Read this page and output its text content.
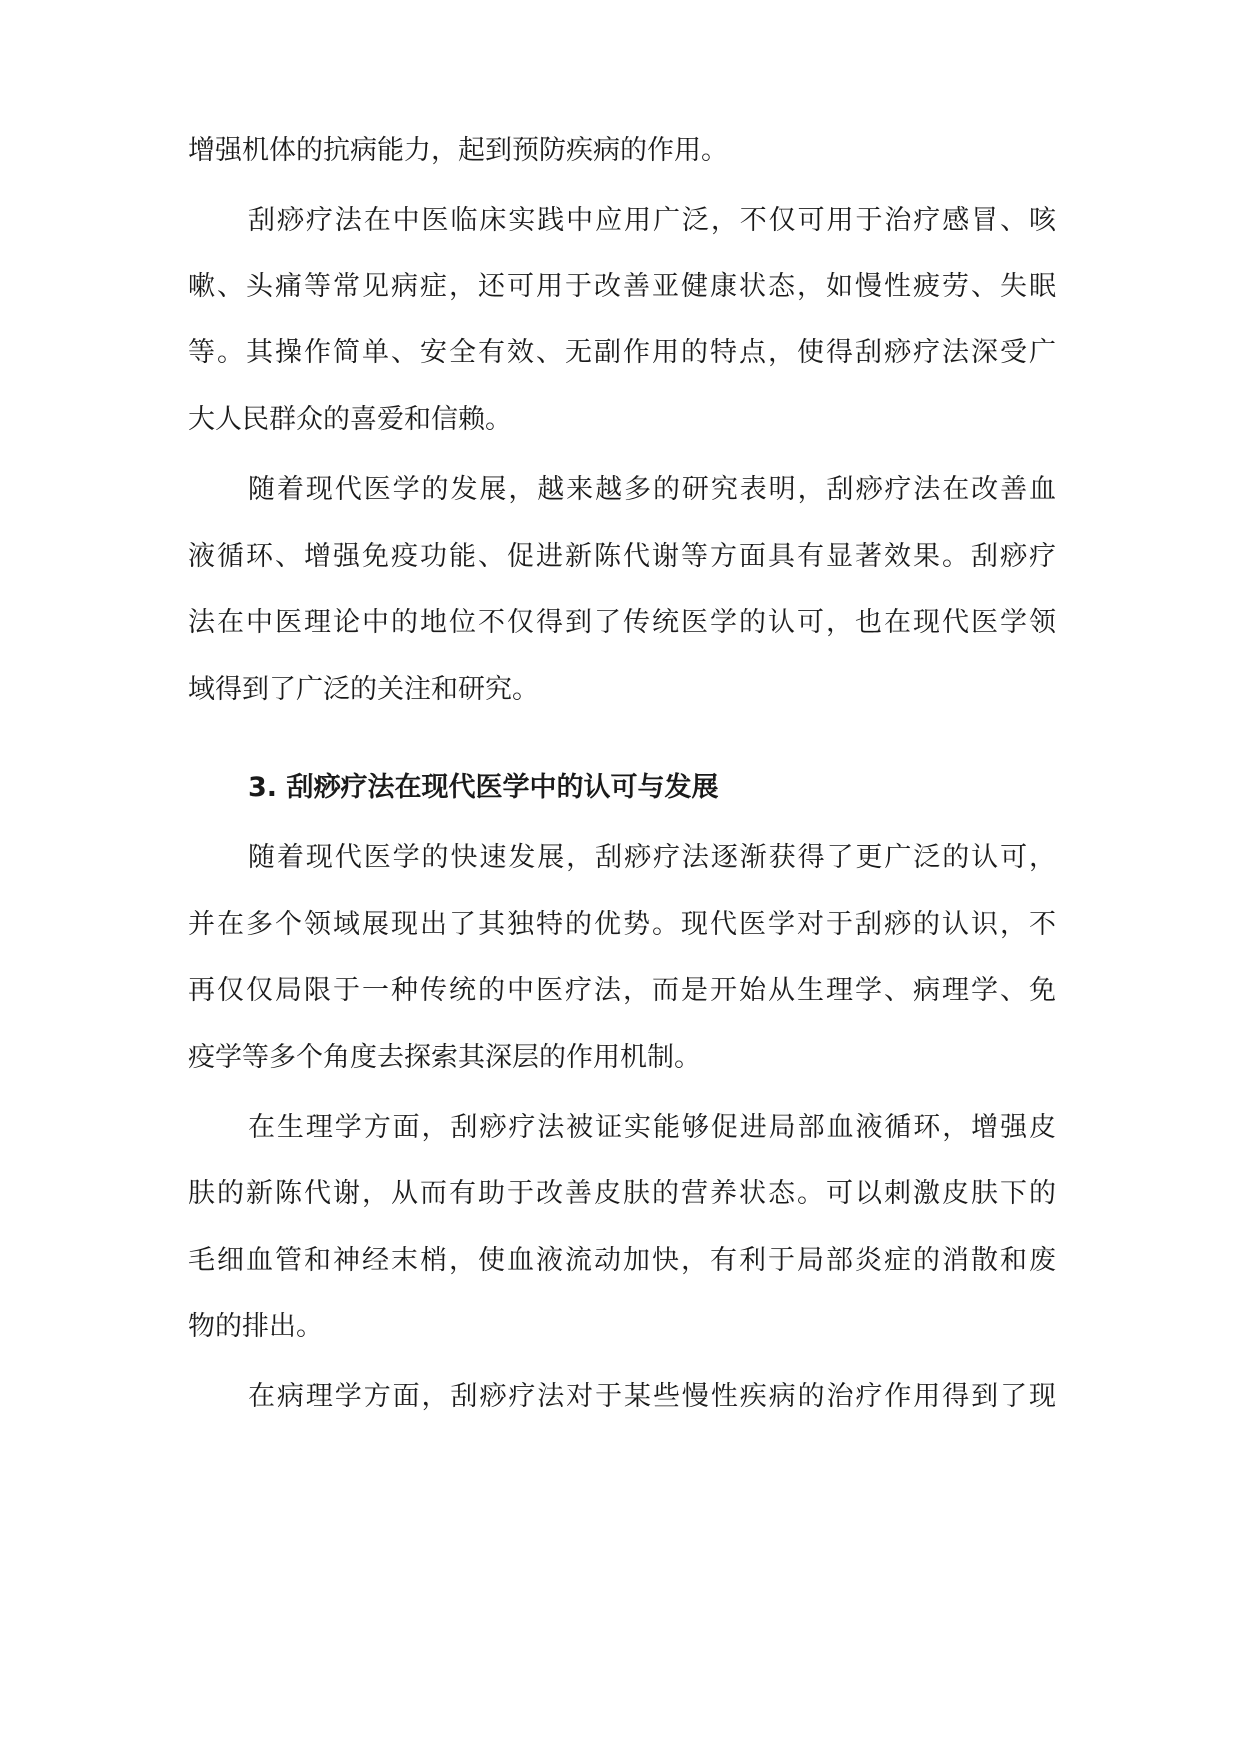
增强机体的抗病能力，起到预防疾病的作用。
刮痧疗法在中医临床实践中应用广泛，不仅可用于治疗感冒、咳
嗽、头痛等常见病症，还可用于改善亚健康状态，如慢性疲劳、失眠
等。其操作简单、安全有效、无副作用的特点，使得刮痧疗法深受广
大人民群众的喜爱和信赖。
随着现代医学的发展，越来越多的研究表明，刮痧疗法在改善血
液循环、增强免疫功能、促进新陈代谢等方面具有显著效果。刮痧疗
法在中医理论中的地位不仅得到了传统医学的认可，也在现代医学领
域得到了广泛的关注和研究。
3. 刮痧疗法在现代医学中的认可与发展
随着现代医学的快速发展，刮痧疗法逐渐获得了更广泛的认可，
并在多个领域展现出了其独特的优势。现代医学对于刮痧的认识，不
再仅仅局限于一种传统的中医疗法，而是开始从生理学、病理学、免
疫学等多个角度去探索其深层的作用机制。
在生理学方面，刮痧疗法被证实能够促进局部血液循环，增强皮
肤的新陈代谢，从而有助于改善皮肤的营养状态。可以刺激皮肤下的
毛细血管和神经末梢，使血液流动加快，有利于局部炎症的消散和废
物的排出。
在病理学方面，刮痧疗法对于某些慢性疾病的治疗作用得到了现
